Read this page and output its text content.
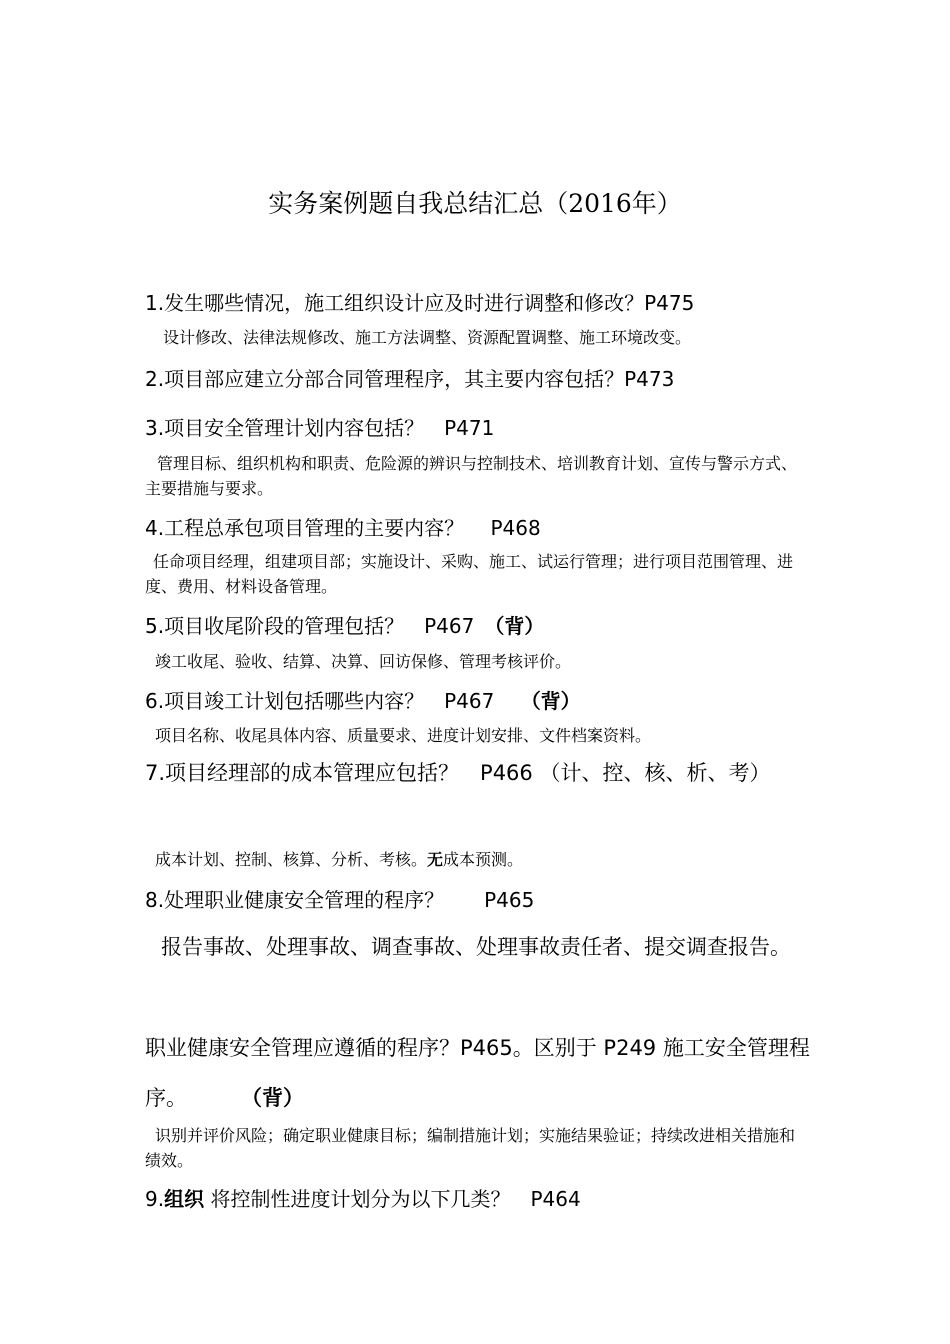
实务案例题自我总结汇总（2016年）
1.发生哪些情况，施工组织设计应及时进行调整和修改？P475
设计修改、法律法规修改、施工方法调整、资源配置调整、施工环境改变。
2.项目部应建立分部合同管理程序，其主要内容包括？P473
3.项目安全管理计划内容包括？　P471
管理目标、组织机构和职责、危险源的辨识与控制技术、培训教育计划、宣传与警示方式、主要措施与要求。
4.工程总承包项目管理的主要内容？　 P468
任命项目经理，组建项目部；实施设计、采购、施工、试运行管理；进行项目范围管理、进度、费用、材料设备管理。
5.项目收尾阶段的管理包括？　P467　（背）
竣工收尾、验收、结算、决算、回访保修、管理考核评价。
6.项目竣工计划包括哪些内容？　P467　 （背）
项目名称、收尾具体内容、质量要求、进度计划安排、文件档案资料。
7.项目经理部的成本管理应包括？　P466 （计、控、核、析、考）
成本计划、控制、核算、分析、考核。无成本预测。
8.处理职业健康安全管理的程序？　　P465
报告事故、处理事故、调查事故、处理事故责任者、提交调查报告。
职业健康安全管理应遵循的程序？P465。区别于 P249 施工安全管理程序。	（背）
识别并评价风险；确定职业健康目标；编制措施计划；实施结果验证；持续改进相关措施和绩效。
9.组织 将控制性进度计划分为以下几类？　P464
